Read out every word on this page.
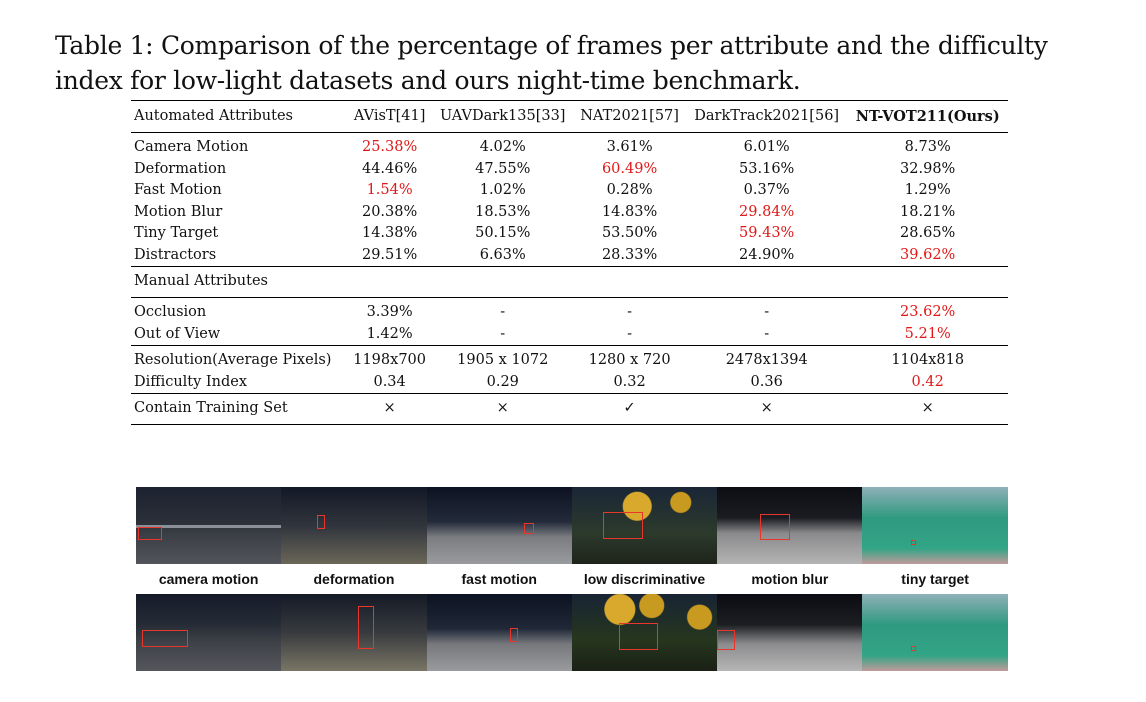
Table 1: Comparison of the percentage of frames per attribute and the difficulty
index for low-light datasets and ours night-time benchmark.
Automated Attributes	AVisT[41]	UAVDark135[33]	NAT2021[57]	DarkTrack2021[56]	NT-VOT211(Ours)
Camera Motion	25.38%	4.02%	3.61%	6.01%	8.73%
Deformation	44.46%	47.55%	60.49%	53.16%	32.98%
Fast Motion	1.54%	1.02%	0.28%	0.37%	1.29%
Motion Blur	20.38%	18.53%	14.83%	29.84%	18.21%
Tiny Target	14.38%	50.15%	53.50%	59.43%	28.65%
Distractors	29.51%	6.63%	28.33%	24.90%	39.62%
Manual Attributes					
Occlusion	3.39%	-	-	-	23.62%
Out of View	1.42%	-	-	-	5.21%
Resolution(Average Pixels)	1198x700	1905 x 1072	1280 x 720	2478x1394	1104x818
Difficulty Index	0.34	0.29	0.32	0.36	0.42
Contain Training Set	×	×	✓	×	×
camera motion	deformation	fast motion	low discriminative	motion blur	tiny target
